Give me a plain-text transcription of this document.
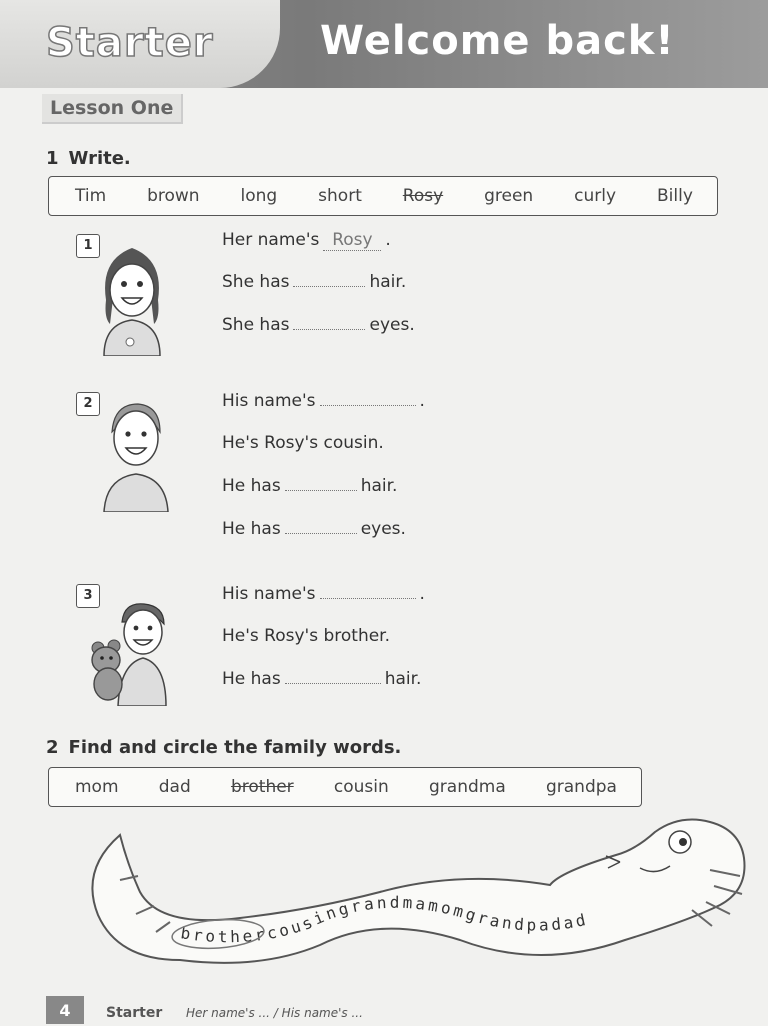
Starter	Welcome back!
Lesson One
1 Write.
Tim brown long short Rosy green curly Billy
1	Her name's Rosy .
She has	hair.
She has	eyes.
2	His name's	.
He's Rosy's cousin.
He has	hair.
He has	eyes.
3	His name's	.
He's Rosy's brother.
He has	hair.
2 Find and circle the family words.
mom dad brother cousin grandma grandpa
brothercousingrandmamomgrandpadad
4	Starter Her name's ... / His name's ...
